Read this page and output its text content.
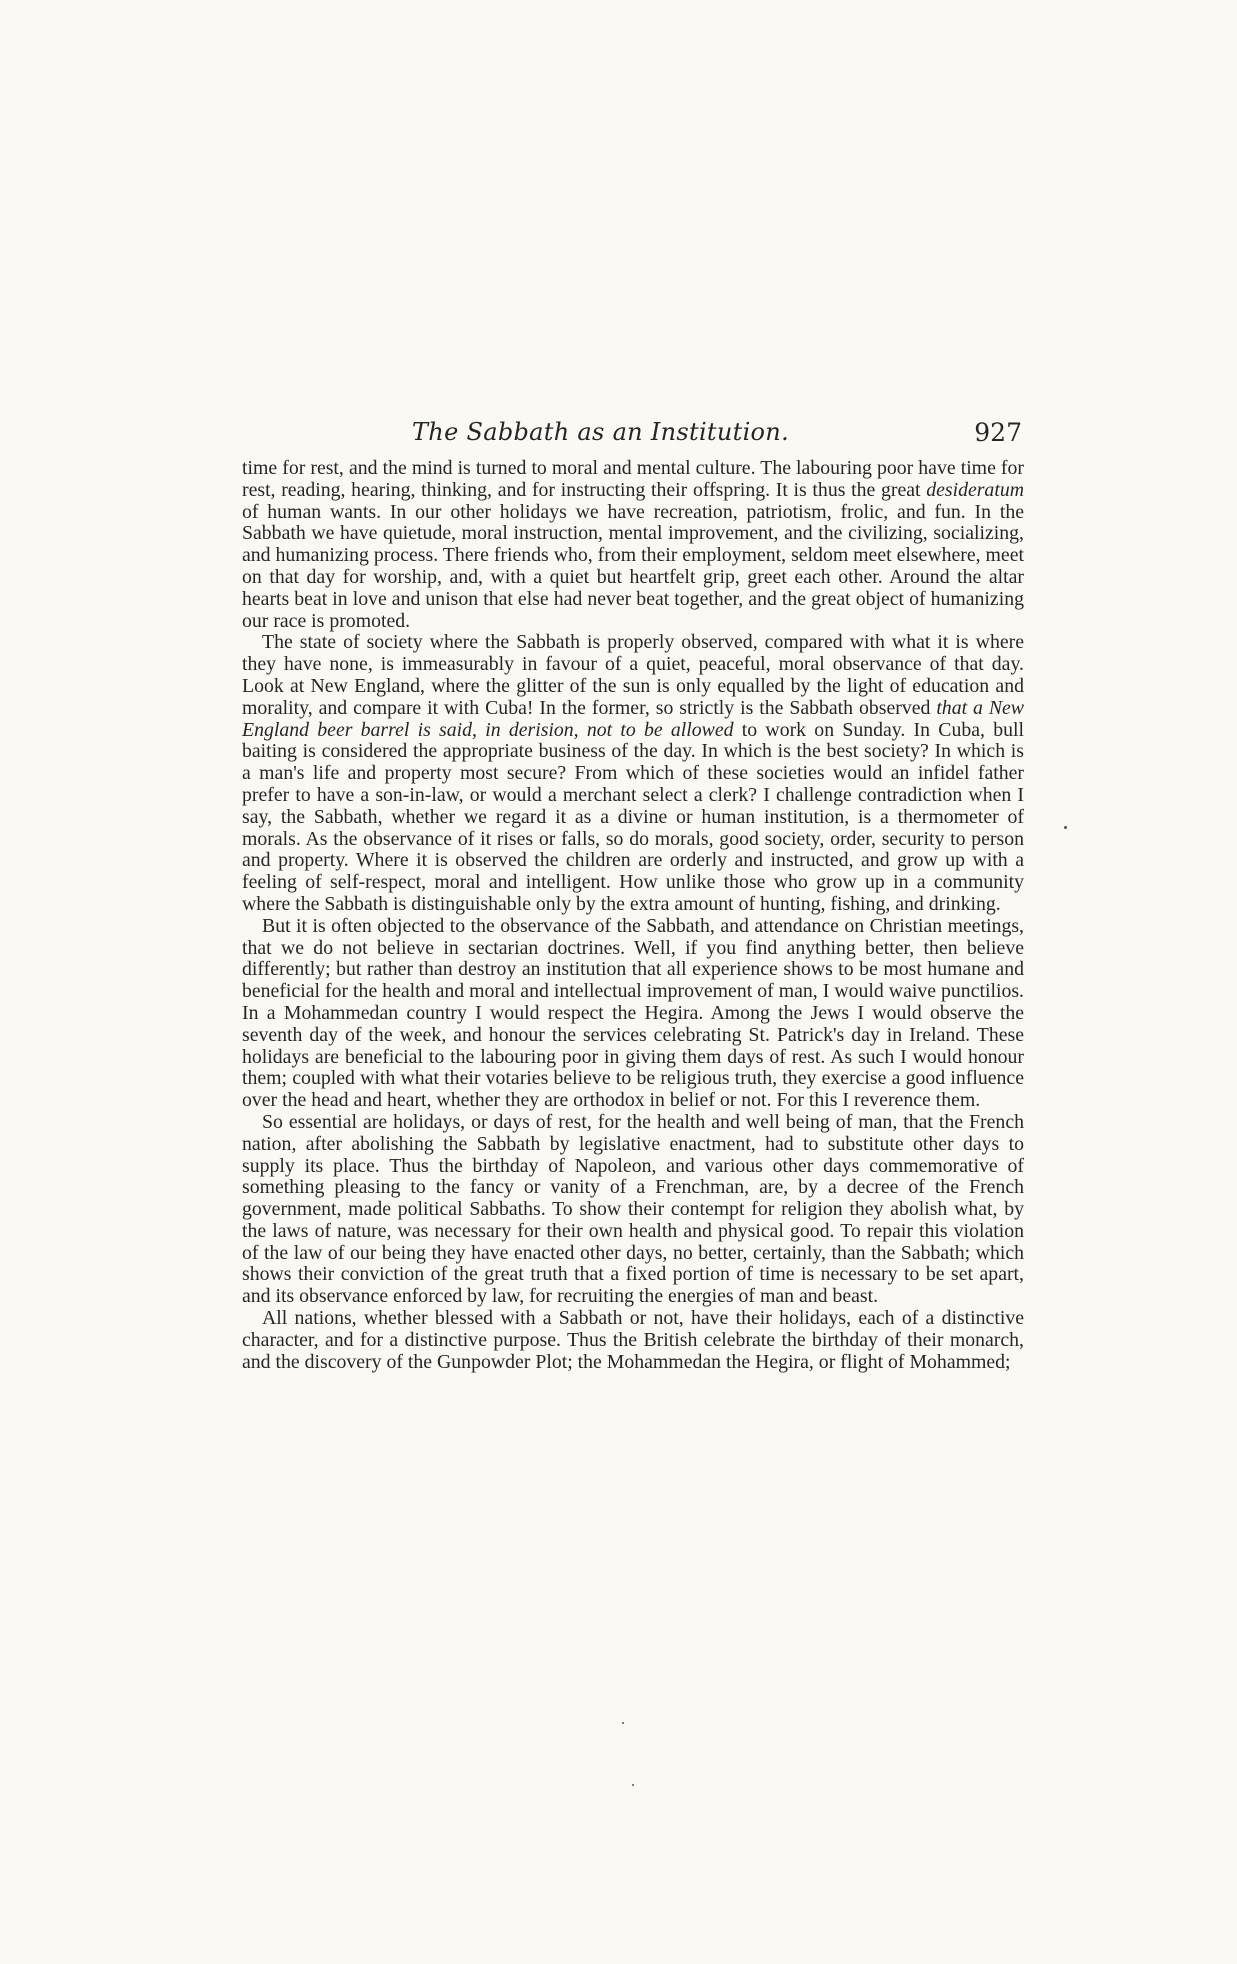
The Sabbath as an Institution.	927

time for rest, and the mind is turned to moral and mental culture. The labouring poor have time for rest, reading, hearing, thinking, and for instructing their offspring. It is thus the great desideratum of human wants. In our other holidays we have recreation, patriotism, frolic, and fun. In the Sabbath we have quietude, moral instruction, mental improvement, and the civilizing, socializing, and humanizing process. There friends who, from their employment, seldom meet elsewhere, meet on that day for worship, and, with a quiet but heartfelt grip, greet each other. Around the altar hearts beat in love and unison that else had never beat together, and the great object of humanizing our race is promoted.

The state of society where the Sabbath is properly observed, compared with what it is where they have none, is immeasurably in favour of a quiet, peaceful, moral observance of that day. Look at New England, where the glitter of the sun is only equalled by the light of education and morality, and compare it with Cuba! In the former, so strictly is the Sabbath observed that a New England beer barrel is said, in derision, not to be allowed to work on Sunday. In Cuba, bull baiting is considered the appropriate business of the day. In which is the best society? In which is a man's life and property most secure? From which of these societies would an infidel father prefer to have a son-in-law, or would a merchant select a clerk? I challenge contradiction when I say, the Sabbath, whether we regard it as a divine or human institution, is a thermometer of morals. As the observance of it rises or falls, so do morals, good society, order, security to person and property. Where it is observed the children are orderly and instructed, and grow up with a feeling of self-respect, moral and intelligent. How unlike those who grow up in a community where the Sabbath is distinguishable only by the extra amount of hunting, fishing, and drinking.

But it is often objected to the observance of the Sabbath, and attendance on Christian meetings, that we do not believe in sectarian doctrines. Well, if you find anything better, then believe differently; but rather than destroy an institution that all experience shows to be most humane and beneficial for the health and moral and intellectual improvement of man, I would waive punctilios. In a Mohammedan country I would respect the Hegira. Among the Jews I would observe the seventh day of the week, and honour the services celebrating St. Patrick's day in Ireland. These holidays are beneficial to the labouring poor in giving them days of rest. As such I would honour them; coupled with what their votaries believe to be religious truth, they exercise a good influence over the head and heart, whether they are orthodox in belief or not. For this I reverence them.

So essential are holidays, or days of rest, for the health and well being of man, that the French nation, after abolishing the Sabbath by legislative enactment, had to substitute other days to supply its place. Thus the birthday of Napoleon, and various other days commemorative of something pleasing to the fancy or vanity of a Frenchman, are, by a decree of the French government, made political Sabbaths. To show their contempt for religion they abolish what, by the laws of nature, was necessary for their own health and physical good. To repair this violation of the law of our being they have enacted other days, no better, certainly, than the Sabbath; which shows their conviction of the great truth that a fixed portion of time is necessary to be set apart, and its observance enforced by law, for recruiting the energies of man and beast.

All nations, whether blessed with a Sabbath or not, have their holidays, each of a distinctive character, and for a distinctive purpose. Thus the British celebrate the birthday of their monarch, and the discovery of the Gunpowder Plot; the Mohammedan the Hegira, or flight of Mohammed;
